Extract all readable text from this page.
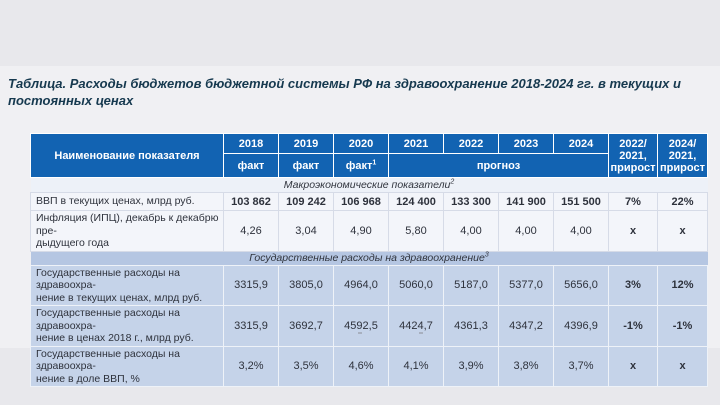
Таблица. Расходы бюджетов бюджетной системы РФ на здравоохранение 2018-2024 гг. в текущих и
постоянных ценах
Наименование показателя	2018	2019	2020	2021	2022	2023	2024	2022/
2021,
прирост	2024/
2021,
прирост

	факт	факт	факт$^1$	прогноз					
Макроэкономические показатели$^2$

ВВП в текущих ценах, млрд руб.	103 862	109 242	106 968	124 400	133 300	141 900	151 500	7%	22%

Инфляция (ИПЦ), декабрь к декабрю пре-
дыдущего года	4,26	3,04	4,90	5,80	4,00	4,00	4,00	x	x
Государственные расходы на здравоохранение$^3$

Государственные расходы на здравоохра-
нение в текущих ценах, млрд руб.	3315,9	3805,0	4964,0	5060,0	5187,0	5377,0	5656,0	3%	12%

Государственные расходы на здравоохра-
нение в ценах 2018 г., млрд руб.	3315,9	3692,7	4592,5	4424,7	4361,3	4347,2	4396,9	-1%	-1%

Государственные расходы на здравоохра-
нение в доле ВВП, %	3,2%	3,5%	4,6%	4,1%	3,9%	3,8%	3,7%	x	x
